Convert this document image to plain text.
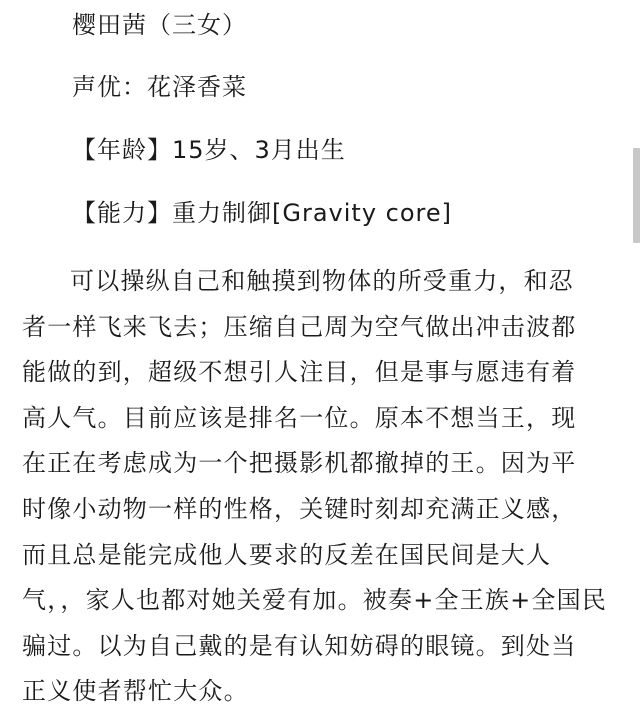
樱田茜（三女）
声优：花泽香菜
【年龄】15岁、3月出生
【能力】重力制御[Gravity core]
可以操纵自己和触摸到物体的所受重力，和忍
者一样飞来飞去；压缩自己周为空气做出冲击波都
能做的到，超级不想引人注目，但是事与愿违有着
高人气。目前应该是排名一位。原本不想当王，现
在正在考虑成为一个把摄影机都撤掉的王。因为平
时像小动物一样的性格，关键时刻却充满正义感，
而且总是能完成他人要求的反差在国民间是大人
气，，家人也都对她关爱有加。被奏+全王族+全国民
骗过。以为自己戴的是有认知妨碍的眼镜。到处当
正义使者帮忙大众。
